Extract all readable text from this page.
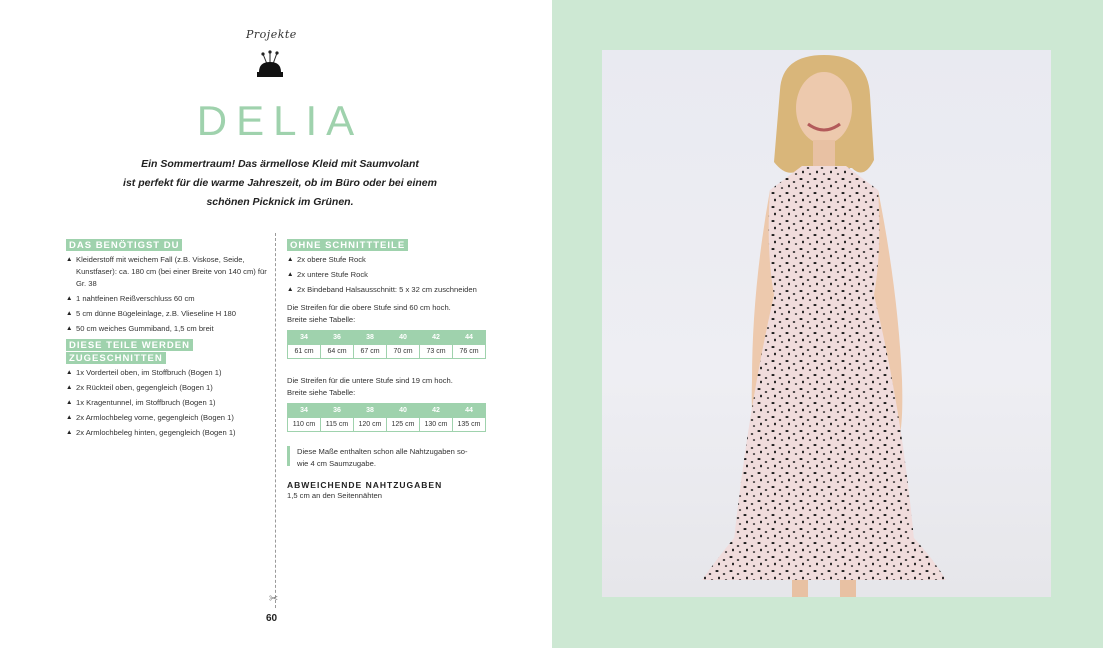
Projekte
DELIA
Ein Sommertraum! Das ärmellose Kleid mit Saumvolant
ist perfekt für die warme Jahreszeit, ob im Büro oder bei einem
schönen Picknick im Grünen.
DAS BENÖTIGST DU
▲ Kleiderstoff mit weichem Fall (z.B. Viskose, Seide, Kunstfaser): ca. 180 cm (bei einer Breite von 140 cm) für Gr. 38
▲ 1 nahtfeinen Reißverschluss 60 cm
▲ 5 cm dünne Bügeleinlage, z.B. Vlieseline H 180
▲ 50 cm weiches Gummiband, 1,5 cm breit
DIESE TEILE WERDEN
ZUGESCHNITTEN
▲ 1x Vorderteil oben, im Stoffbruch (Bogen 1)
▲ 2x Rückteil oben, gegengleich (Bogen 1)
▲ 1x Kragentunnel, im Stoffbruch (Bogen 1)
▲ 2x Armlochbeleg vorne, gegengleich (Bogen 1)
▲ 2x Armlochbeleg hinten, gegengleich (Bogen 1)
✂
OHNE SCHNITTTEILE
▲ 2x obere Stufe Rock
▲ 2x untere Stufe Rock
▲ 2x Bindeband Halsausschnitt: 5 x 32 cm zuschneiden
Die Streifen für die obere Stufe sind 60 cm hoch.
Breite siehe Tabelle:
34	36	38	40	42	44
61 cm	64 cm	67 cm	70 cm	73 cm	76 cm
Die Streifen für die untere Stufe sind 19 cm hoch.
Breite siehe Tabelle:
34	36	38	40	42	44
110 cm	115 cm	120 cm	125 cm	130 cm	135 cm
Diese Maße enthalten schon alle Nahtzugaben so-
wie 4 cm Saumzugabe.
ABWEICHENDE NAHTZUGABEN
1,5 cm an den Seitennähten
60
